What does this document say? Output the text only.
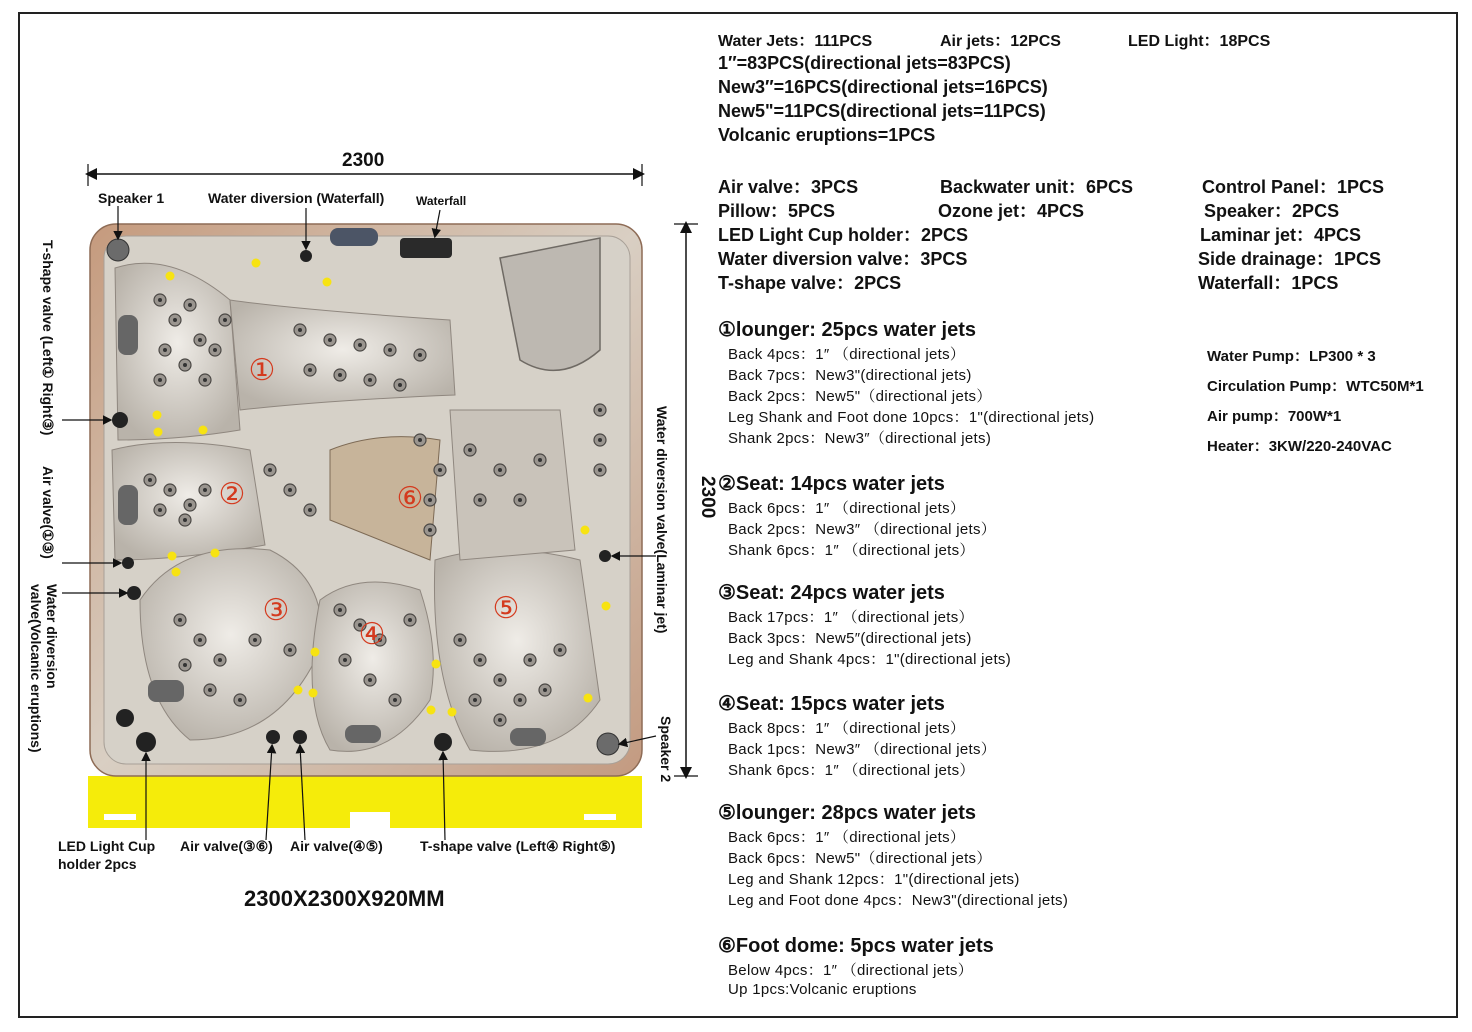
①
②
③
④
⑤
⑥
2300
2300
2300X2300X920MM
Speaker 1	Water diversion (Waterfall)	Waterfall
T-shape valve (Left① Right③)
Air valve(①③)
Water diversion
valve(Volcanic eruptions)
Water diversion valve(Laminar jet)
Speaker 2
LED Light Cup
holder 2pcs
Air valve(③⑥) Air valve(④⑤)	T-shape valve (Left④ Right⑤)
Water Jets：111PCS	Air jets：12PCS	LED Light：18PCS
1″=83PCS(directional jets=83PCS)
New3″=16PCS(directional jets=16PCS)
New5"=11PCS(directional jets=11PCS)
Volcanic eruptions=1PCS
Air valve：3PCS	Backwater unit：6PCS	Control Panel：1PCS
Pillow：5PCS	Ozone jet：4PCS	Speaker：2PCS
LED Light Cup holder：2PCS	Laminar jet：4PCS
Water diversion valve：3PCS	Side drainage：1PCS
T-shape valve：2PCS	Waterfall：1PCS
Water Pump：LP300 * 3
Circulation Pump：WTC50M*1
Air pump：700W*1
Heater：3KW/220-240VAC
①lounger: 25pcs water jets
Back 4pcs：1″ （directional jets）
Back 7pcs：New3"(directional jets)
Back 2pcs：New5"（directional jets）
Leg Shank and Foot done 10pcs：1"(directional jets)
Shank 2pcs：New3″（directional jets)
②Seat: 14pcs water jets
Back 6pcs：1″ （directional jets）
Back 2pcs：New3″ （directional jets）
Shank 6pcs：1″ （directional jets）
③Seat: 24pcs water jets
Back 17pcs：1″ （directional jets）
Back 3pcs：New5″(directional jets)
Leg and Shank 4pcs：1"(directional jets)
④Seat: 15pcs water jets
Back 8pcs：1″ （directional jets）
Back 1pcs：New3″ （directional jets）
Shank 6pcs：1″ （directional jets）
⑤lounger: 28pcs water jets
Back 6pcs：1″ （directional jets）
Back 6pcs：New5"（directional jets）
Leg and Shank 12pcs：1"(directional jets)
Leg and Foot done 4pcs：New3"(directional jets)
⑥Foot dome: 5pcs water jets
Below 4pcs：1″ （directional jets）
Up 1pcs:Volcanic eruptions
